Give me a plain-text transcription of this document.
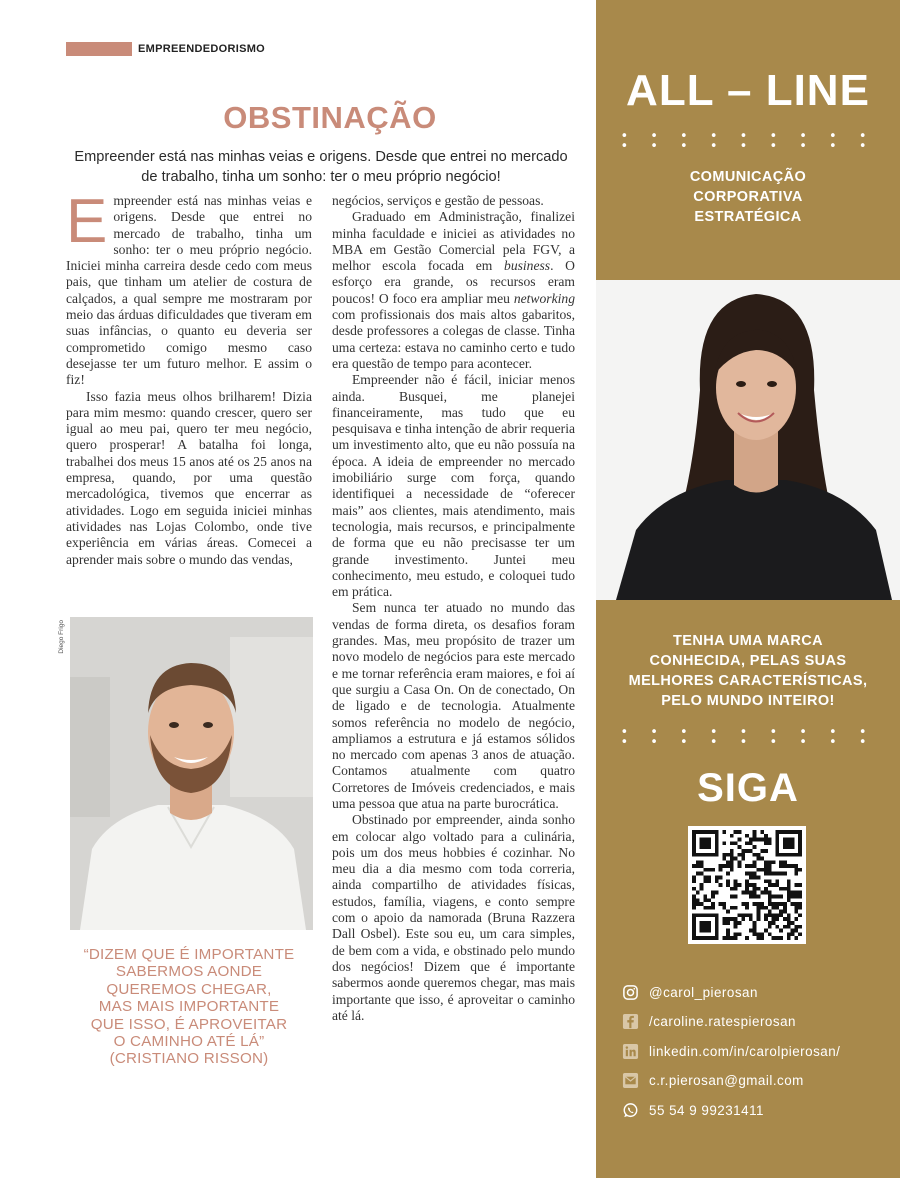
EMPREENDEDORISMO
OBSTINAÇÃO

Empreender está nas minhas veias e origens. Desde que entrei no mercado de trabalho, tinha um sonho: ter o meu próprio negócio!

E mpreender está nas minhas veias e origens. Desde que entrei no mercado de trabalho, tinha um sonho: ter o meu próprio negócio. Iniciei minha carreira desde cedo com meus pais, que tinham um atelier de costura de calçados, a qual sempre me mostraram por meio das árduas dificuldades que tiveram em suas infâncias, o quanto eu deveria ser comprometido comigo mesmo caso desejasse ter um futuro melhor. E assim o fiz!

Isso fazia meus olhos brilharem! Dizia para mim mesmo: quando crescer, quero ser igual ao meu pai, quero ter meu negócio, quero prosperar! A batalha foi longa, trabalhei dos meus 15 anos até os 25 anos na empresa, quando, por uma questão mercadológica, tivemos que encerrar as atividades. Logo em seguida iniciei minhas atividades nas Lojas Colombo, onde tive experiência em várias áreas. Comecei a aprender mais sobre o mundo das vendas,

negócios, serviços e gestão de pessoas.

Graduado em Administração, finalizei minha faculdade e iniciei as atividades no MBA em Gestão Comercial pela FGV, a melhor escola focada em business. O esforço era grande, os recursos eram poucos! O foco era ampliar meu networking com profissionais dos mais altos gabaritos, desde professores a colegas de classe. Tinha uma certeza: estava no caminho certo e tudo era questão de tempo para acontecer.

Empreender não é fácil, iniciar menos ainda. Busquei, me planejei financeiramente, mas tudo que eu pesquisava e tinha intenção de abrir requeria um investimento alto, que eu não possuía na época. A ideia de empreender no mercado imobiliário surge com força, quando identifiquei a necessidade de “oferecer mais” aos clientes, mais atendimento, mais tecnologia, mais recursos, e principalmente de forma que eu não precisasse ter um grande investimento. Juntei meu conhecimento, meu estudo, e coloquei tudo em prática.

Sem nunca ter atuado no mundo das vendas de forma direta, os desafios foram grandes. Mas, meu propósito de trazer um novo modelo de negócios para este mercado e me tornar referência eram maiores, e foi aí que surgiu a Casa On. On de conectado, On de ligado e de tecnologia. Atualmente somos referência no modelo de negócio, ampliamos a estrutura e já estamos sólidos no mercado com apenas 3 anos de atuação. Contamos atualmente com quatro Corretores de Imóveis credenciados, e mais uma pessoa que atua na parte burocrática.

Obstinado por empreender, ainda sonho em colocar algo voltado para a culinária, pois um dos meus hobbies é cozinhar. No meu dia a dia mesmo com toda correria, ainda compartilho de atividades físicas, estudos, família, viagens, e conto sempre com o apoio da namorada (Bruna Razzera Dall Osbel). Este sou eu, um cara simples, de bem com a vida, e obstinado pelo mundo dos negócios! Dizem que é importante sabermos aonde queremos chegar, mas mais importante que isso, é aproveitar o caminho até lá.

Diego Frigo
“DIZEM QUE É IMPORTANTE
SABERMOS AONDE
QUEREMOS CHEGAR,
MAS MAIS IMPORTANTE
QUE ISSO, É APROVEITAR
O CAMINHO ATÉ LÁ”
(CRISTIANO RISSON)
ALL – LINE
• • • • • • • • • • • • • • • • • •
COMUNICAÇÃO
CORPORATIVA
ESTRATÉGICA
TENHA UMA MARCA
CONHECIDA, PELAS SUAS
MELHORES CARACTERÍSTICAS,
PELO MUNDO INTEIRO!
• • • • • • • • • • • • • • • • • •
SIGA
@carol_pierosan
/caroline.ratespierosan
linkedin.com/in/carolpierosan/
c.r.pierosan@gmail.com
55 54 9 99231411
